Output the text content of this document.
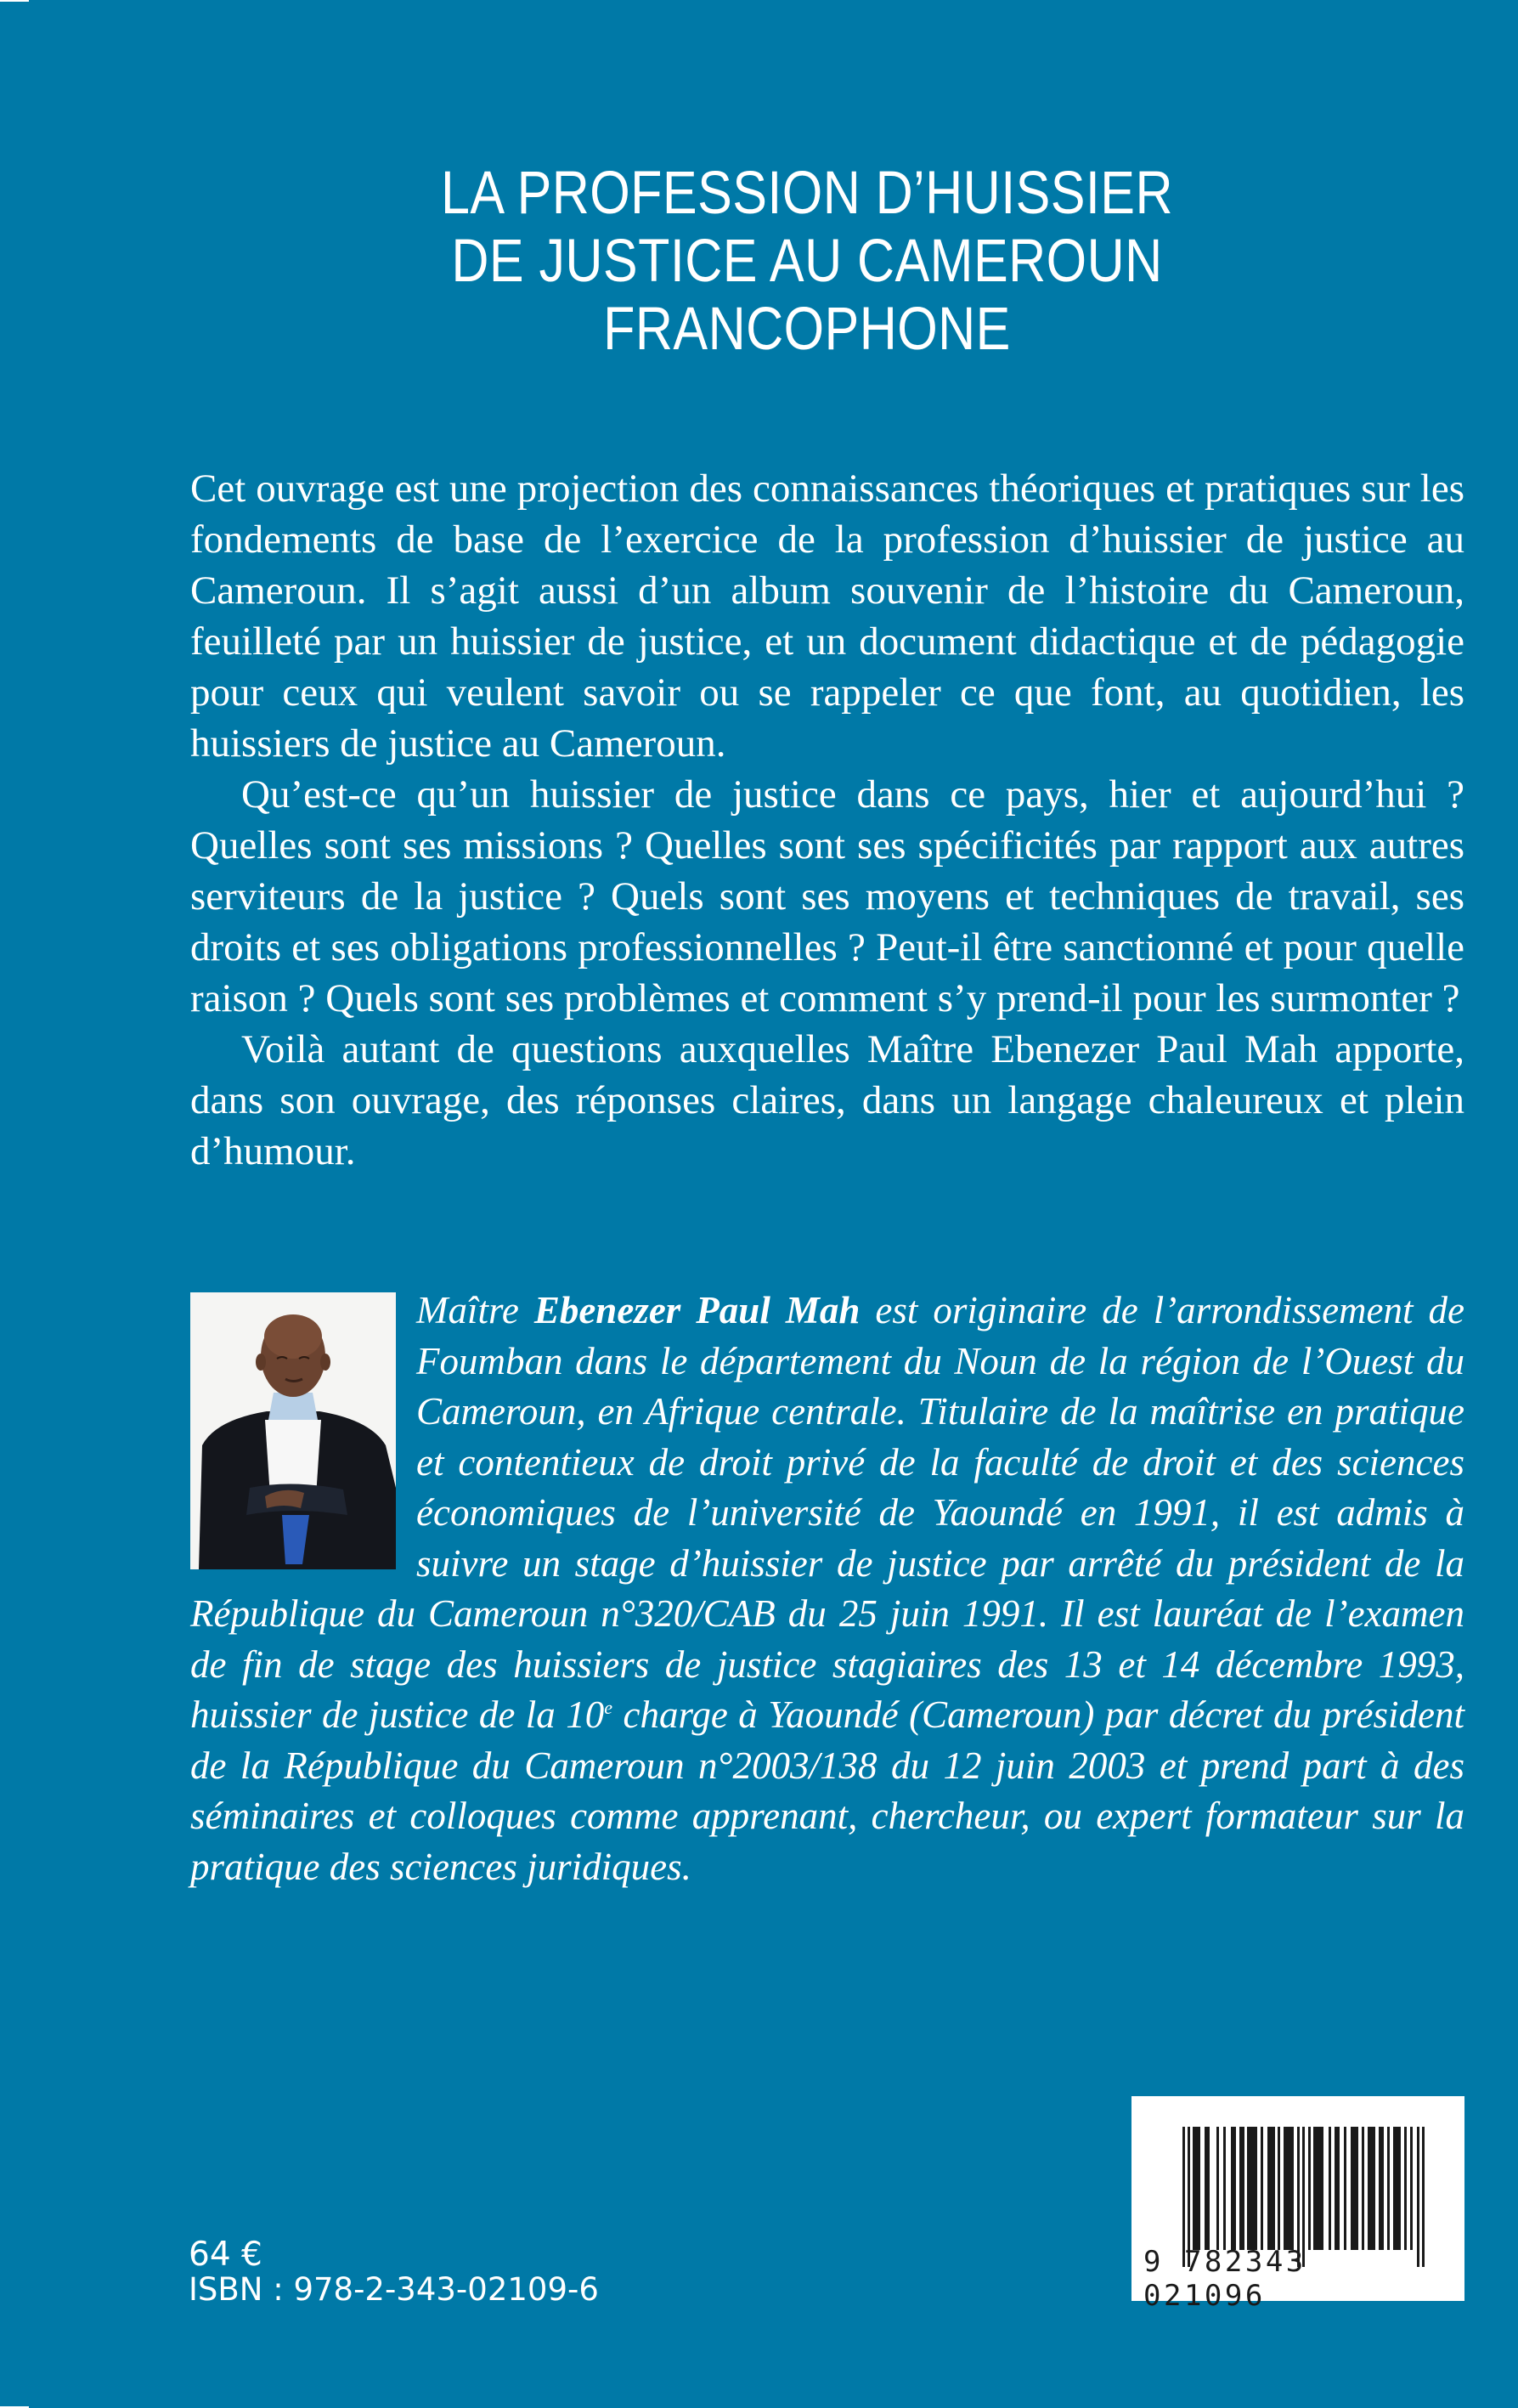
LA PROFESSION D’HUISSIER
DE JUSTICE AU CAMEROUN
FRANCOPHONE

Cet ouvrage est une projection des connaissances théoriques et pratiques sur les fondements de base de l’exercice de la profession d’huissier de justice au Cameroun. Il s’agit aussi d’un album souvenir de l’histoire du Cameroun, feuilleté par un huissier de justice, et un document didactique et de pédagogie pour ceux qui veulent savoir ou se rappeler ce que font, au quotidien, les huissiers de justice au Cameroun.

Qu’est-ce qu’un huissier de justice dans ce pays, hier et aujourd’hui ? Quelles sont ses missions ? Quelles sont ses spécificités par rapport aux autres serviteurs de la justice ? Quels sont ses moyens et techniques de travail, ses droits et ses obligations professionnelles ? Peut-il être sanctionné et pour quelle raison ? Quels sont ses problèmes et comment s’y prend-il pour les surmonter ?

Voilà autant de questions auxquelles Maître Ebenezer Paul Mah apporte, dans son ouvrage, des réponses claires, dans un langage chaleureux et plein d’humour.

Maître Ebenezer Paul Mah est originaire de l’arrondissement de Foumban dans le département du Noun de la région de l’Ouest du Cameroun, en Afrique centrale. Titulaire de la maîtrise en pratique et contentieux de droit privé de la faculté de droit et des sciences économiques de l’université de Yaoundé en 1991, il est admis à suivre un stage d’huissier de justice par arrêté du président de la République du Cameroun n°320/CAB du 25 juin 1991. Il est lauréat de l’examen de fin de stage des huissiers de justice stagiaires des 13 et 14 décembre 1993, huissier de justice de la 10e charge à Yaoundé (Cameroun) par décret du président de la République du Cameroun n°2003/138 du 12 juin 2003 et prend part à des séminaires et colloques comme apprenant, chercheur, ou expert formateur sur la pratique des sciences juridiques.
64 €
ISBN : 978-2-343-02109-6
9 782343 021096
